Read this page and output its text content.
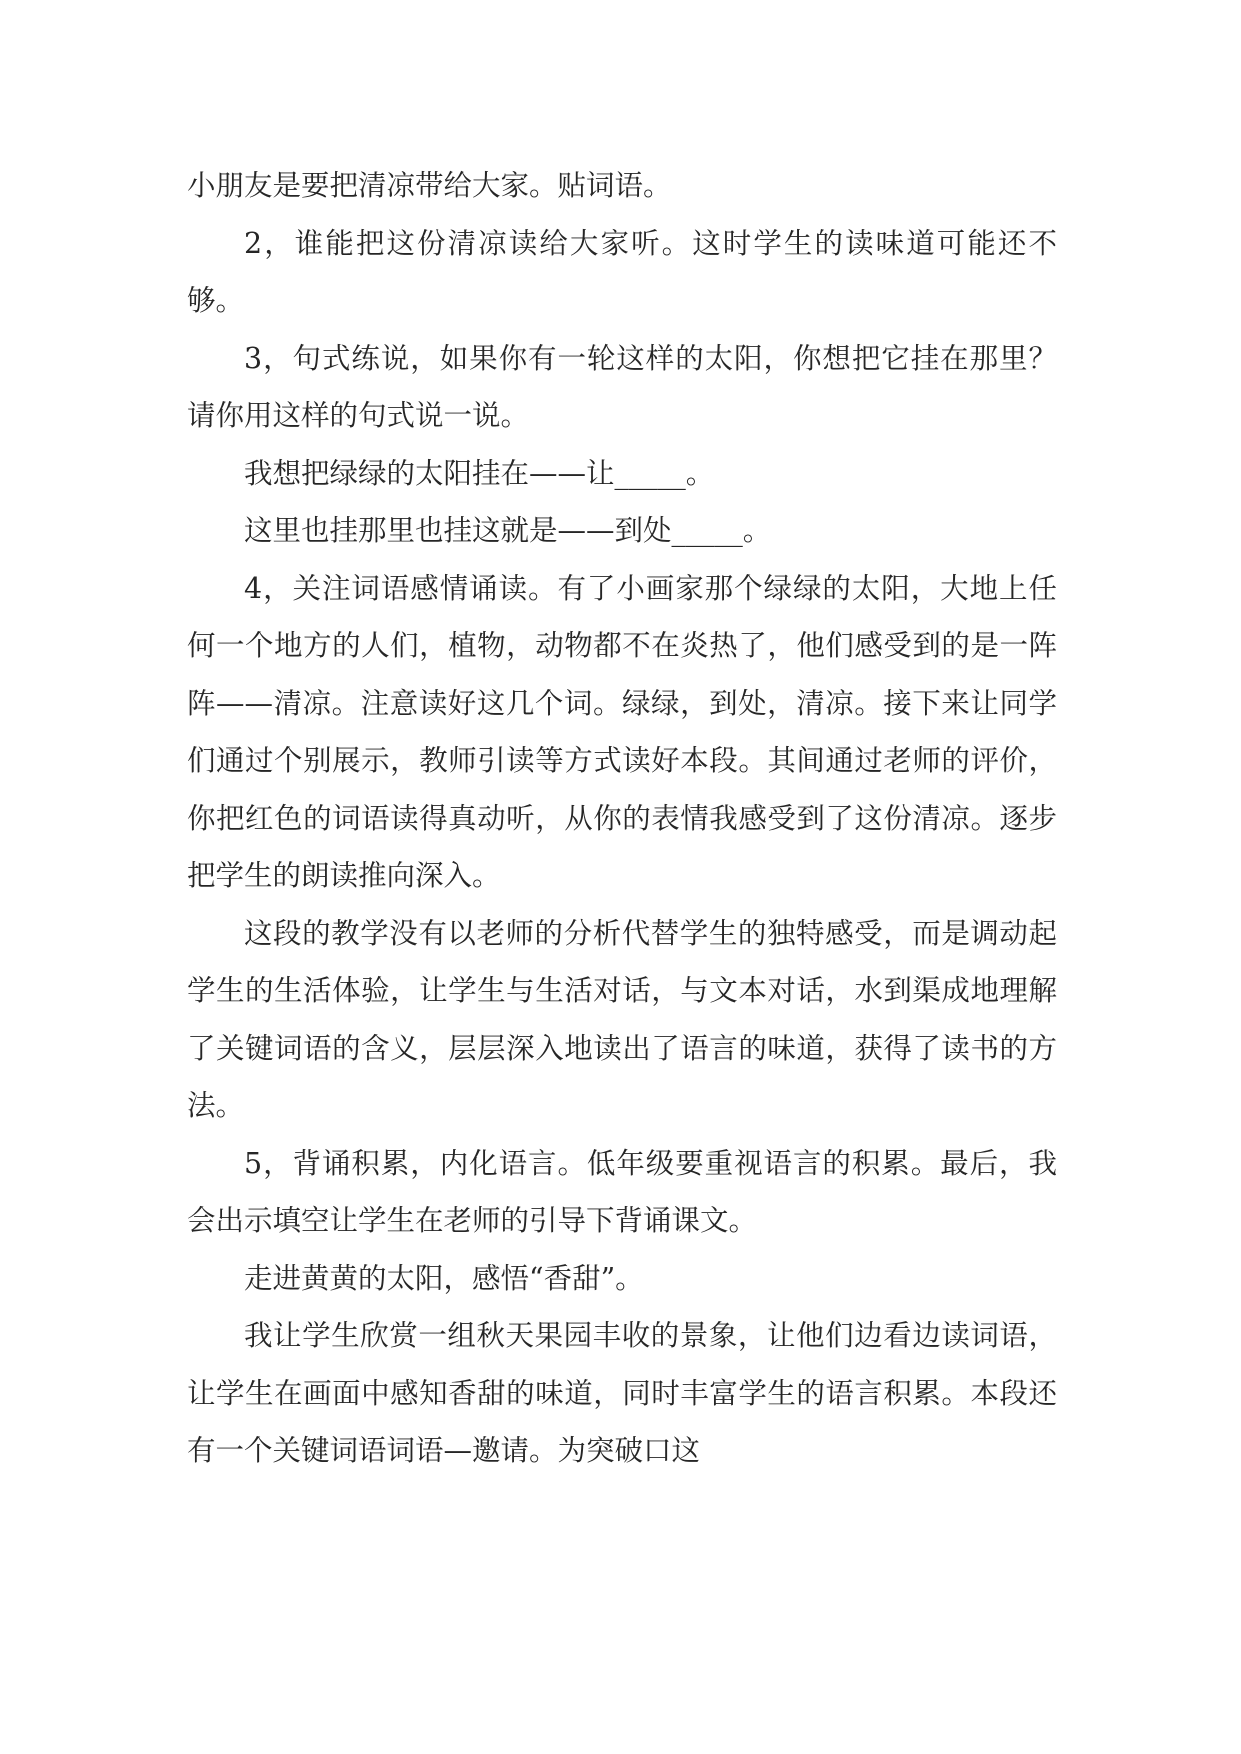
小朋友是要把清凉带给大家。贴词语。

2，谁能把这份清凉读给大家听。这时学生的读味道可能还不够。

3，句式练说，如果你有一轮这样的太阳，你想把它挂在那里？请你用这样的句式说一说。

我想把绿绿的太阳挂在——让_____。

这里也挂那里也挂这就是——到处_____。

4，关注词语感情诵读。有了小画家那个绿绿的太阳，大地上任何一个地方的人们，植物，动物都不在炎热了，他们感受到的是一阵阵——清凉。注意读好这几个词。绿绿，到处，清凉。接下来让同学们通过个别展示，教师引读等方式读好本段。其间通过老师的评价，你把红色的词语读得真动听，从你的表情我感受到了这份清凉。逐步把学生的朗读推向深入。

这段的教学没有以老师的分析代替学生的独特感受，而是调动起学生的生活体验，让学生与生活对话，与文本对话，水到渠成地理解了关键词语的含义，层层深入地读出了语言的味道，获得了读书的方法。

5，背诵积累，内化语言。低年级要重视语言的积累。最后，我会出示填空让学生在老师的引导下背诵课文。

走进黄黄的太阳，感悟“香甜”。

我让学生欣赏一组秋天果园丰收的景象，让他们边看边读词语，让学生在画面中感知香甜的味道，同时丰富学生的语言积累。本段还有一个关键词语词语—邀请。为突破口这
